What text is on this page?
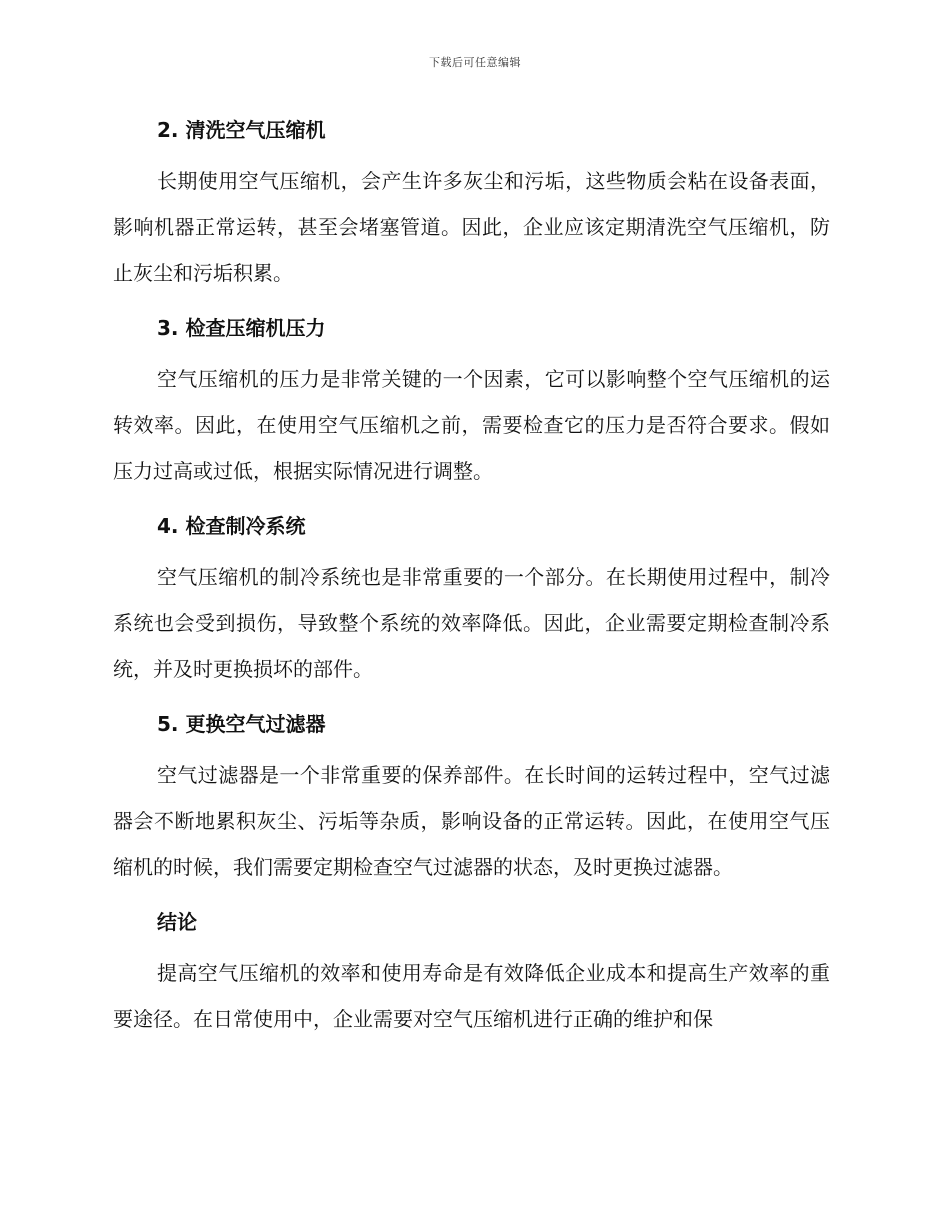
下载后可任意编辑
2. 清洗空气压缩机

长期使用空气压缩机，会产生许多灰尘和污垢，这些物质会粘在设备表面，影响机器正常运转，甚至会堵塞管道。因此，企业应该定期清洗空气压缩机，防止灰尘和污垢积累。

3. 检查压缩机压力

空气压缩机的压力是非常关键的一个因素，它可以影响整个空气压缩机的运转效率。因此，在使用空气压缩机之前，需要检查它的压力是否符合要求。假如压力过高或过低，根据实际情况进行调整。

4. 检查制冷系统

空气压缩机的制冷系统也是非常重要的一个部分。在长期使用过程中，制冷系统也会受到损伤，导致整个系统的效率降低。因此，企业需要定期检查制冷系统，并及时更换损坏的部件。

5. 更换空气过滤器

空气过滤器是一个非常重要的保养部件。在长时间的运转过程中，空气过滤器会不断地累积灰尘、污垢等杂质，影响设备的正常运转。因此，在使用空气压缩机的时候，我们需要定期检查空气过滤器的状态，及时更换过滤器。

结论

提高空气压缩机的效率和使用寿命是有效降低企业成本和提高生产效率的重要途径。在日常使用中，企业需要对空气压缩机进行正确的维护和保
